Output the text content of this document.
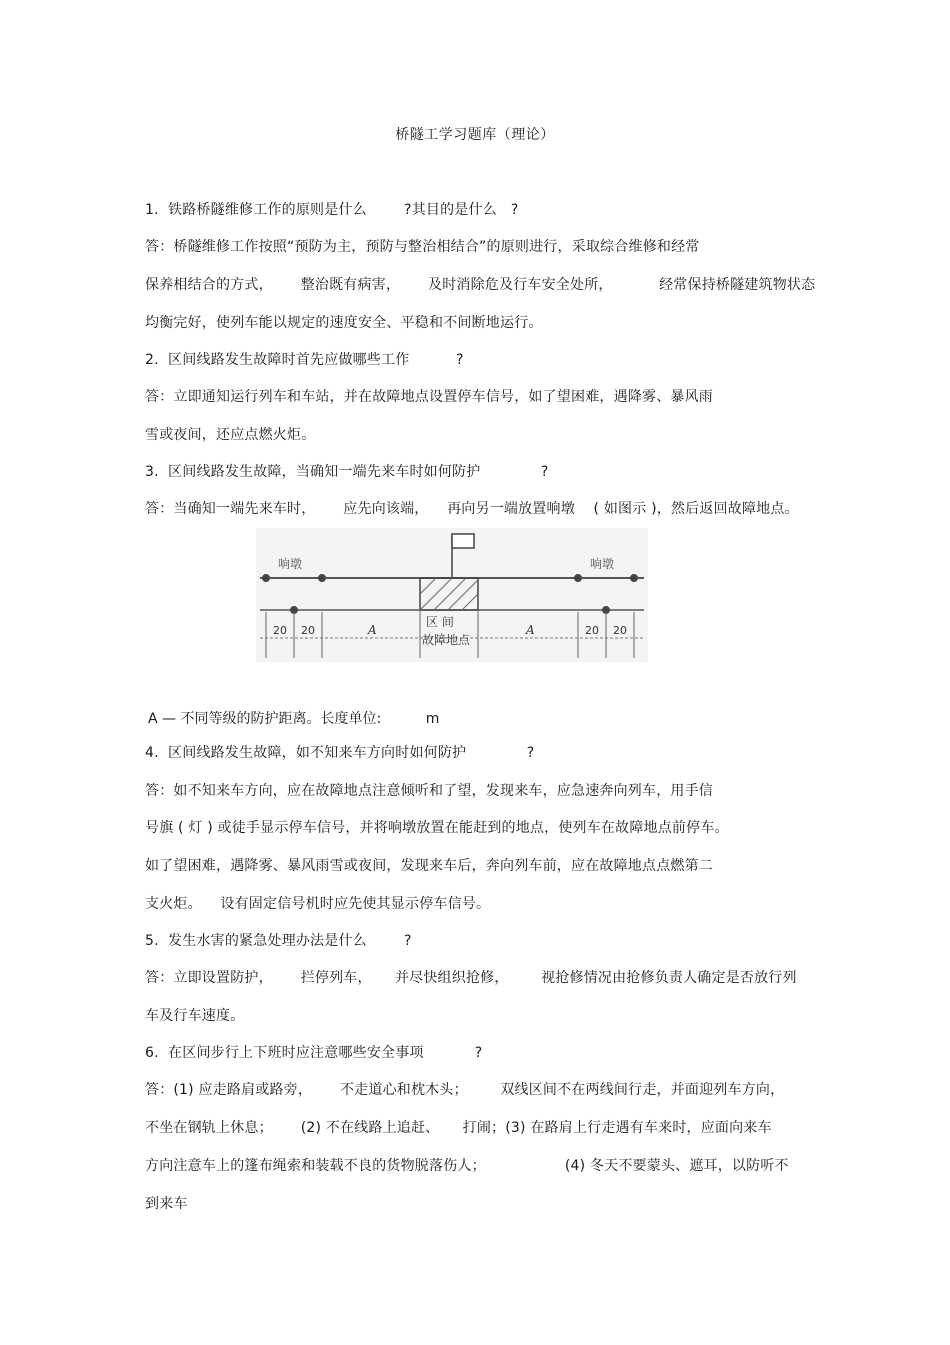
桥隧工学习题库（理论）
1.  铁路桥隧维修工作的原则是什么        ?其目的是什么   ?
答：桥隧维修工作按照“预防为主，预防与整治相结合”的原则进行，采取综合维修和经常
保养相结合的方式，      整治既有病害，      及时消除危及行车安全处所，          经常保持桥隧建筑物状态
均衡完好，使列车能以规定的速度安全、平稳和不间断地运行。
2.  区间线路发生故障时首先应做哪些工作          ?
答：立即通知运行列车和车站，并在故障地点设置停车信号，如了望困难，遇降雾、暴风雨
雪或夜间，还应点燃火炬。
3.  区间线路发生故障，当确知一端先来车时如何防护             ?
答：当确知一端先来车时，      应先向该端，    再向另一端放置响墩    ( 如图示 )，然后返回故障地点。
响墩	响墩
20 20	A	A	20 20
区 间
故障地点
A — 不同等级的防护距离。长度单位:          m
4.  区间线路发生故障，如不知来车方向时如何防护             ?
答：如不知来车方向，应在故障地点注意倾听和了望，发现来车，应急速奔向列车，用手信
号旗 ( 灯 ) 或徒手显示停车信号，并将响墩放置在能赶到的地点，使列车在故障地点前停车。
如了望困难，遇降雾、暴风雨雪或夜间，发现来车后，奔向列车前，应在故障地点点燃第二
支火炬。    设有固定信号机时应先使其显示停车信号。
5.  发生水害的紧急处理办法是什么        ?
答：立即设置防护，      拦停列车，     并尽快组织抢修，       视抢修情况由抢修负责人确定是否放行列
车及行车速度。
6.  在区间步行上下班时应注意哪些安全事项           ?
答：(1) 应走路肩或路旁，      不走道心和枕木头；       双线区间不在两线间行走，并面迎列车方向，
不坐在钢轨上休息；      (2) 不在线路上追赶、     打闹；(3) 在路肩上行走遇有车来时，应面向来车
方向注意车上的篷布绳索和装载不良的货物脱落伤人；                 (4) 冬天不要蒙头、遮耳，以防听不
到来车
